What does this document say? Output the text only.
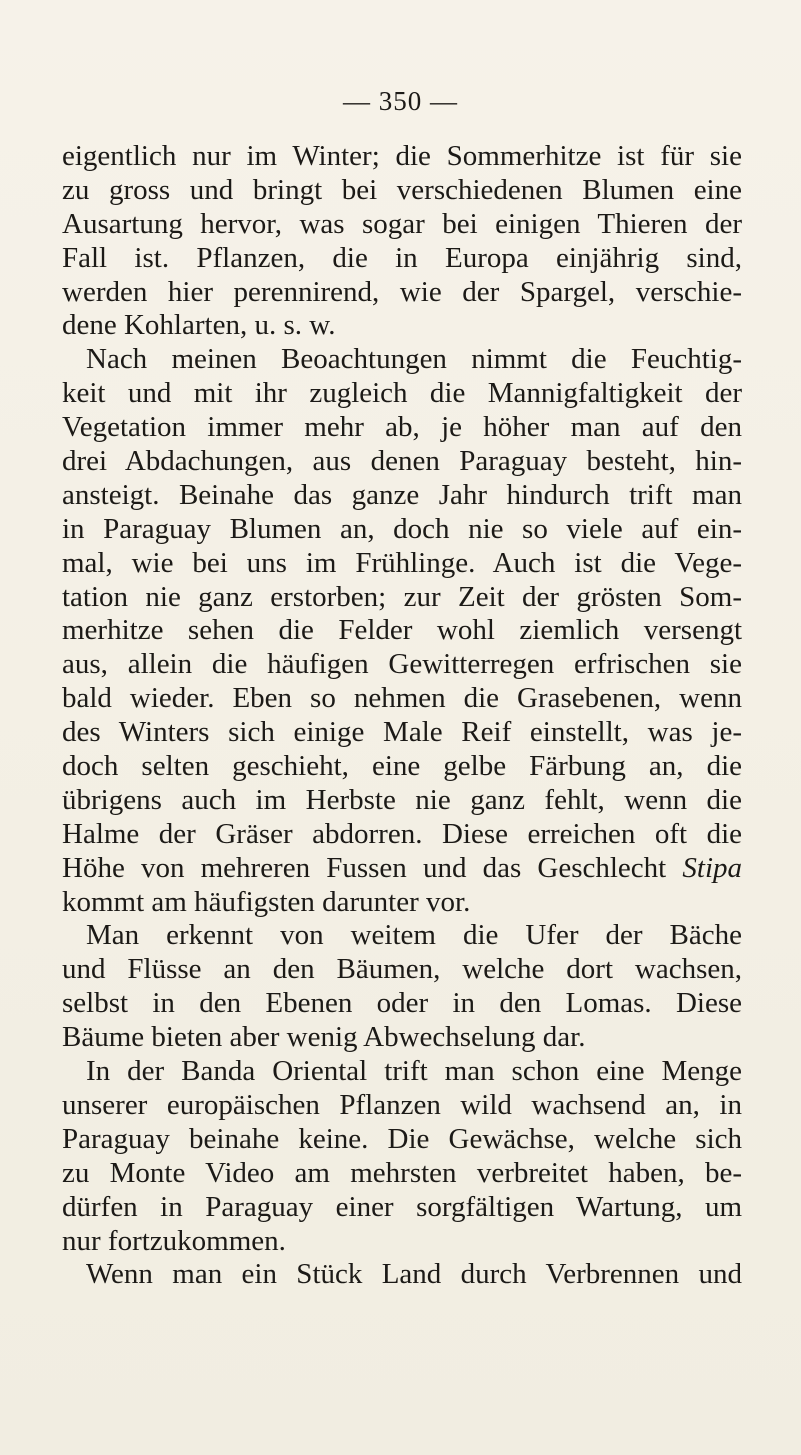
— 350 —
eigentlich nur im Winter; die Sommerhitze ist für sie
zu gross und bringt bei verschiedenen Blumen eine
Ausartung hervor, was sogar bei einigen Thieren der
Fall ist. Pflanzen, die in Europa einjährig sind,
werden hier perennirend, wie der Spargel, verschie-
dene Kohlarten, u. s. w.
Nach meinen Beoachtungen nimmt die Feuchtig-
keit und mit ihr zugleich die Mannigfaltigkeit der
Vegetation immer mehr ab, je höher man auf den
drei Abdachungen, aus denen Paraguay besteht, hin-
ansteigt. Beinahe das ganze Jahr hindurch trift man
in Paraguay Blumen an, doch nie so viele auf ein-
mal, wie bei uns im Frühlinge. Auch ist die Vege-
tation nie ganz erstorben; zur Zeit der grösten Som-
merhitze sehen die Felder wohl ziemlich versengt
aus, allein die häufigen Gewitterregen erfrischen sie
bald wieder. Eben so nehmen die Grasebenen, wenn
des Winters sich einige Male Reif einstellt, was je-
doch selten geschieht, eine gelbe Färbung an, die
übrigens auch im Herbste nie ganz fehlt, wenn die
Halme der Gräser abdorren. Diese erreichen oft die
Höhe von mehreren Fussen und das Geschlecht Stipa
kommt am häufigsten darunter vor.
Man erkennt von weitem die Ufer der Bäche
und Flüsse an den Bäumen, welche dort wachsen,
selbst in den Ebenen oder in den Lomas. Diese
Bäume bieten aber wenig Abwechselung dar.
In der Banda Oriental trift man schon eine Menge
unserer europäischen Pflanzen wild wachsend an, in
Paraguay beinahe keine. Die Gewächse, welche sich
zu Monte Video am mehrsten verbreitet haben, be-
dürfen in Paraguay einer sorgfältigen Wartung, um
nur fortzukommen.
Wenn man ein Stück Land durch Verbrennen und
